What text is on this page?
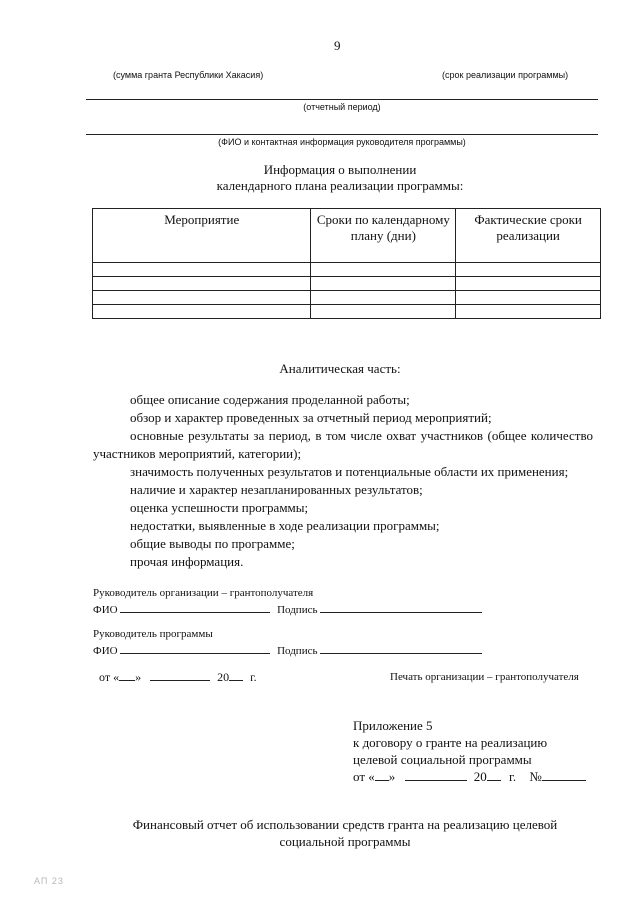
9
(сумма гранта Республики Хакасия)	(срок реализации программы)
(отчетный период)
(ФИО и контактная информация руководителя программы)
Информация о выполнении
календарного плана реализации программы:
Мероприятие	Сроки по календарному плану (дни)	Фактические сроки реализации

Аналитическая часть:
общее описание содержания проделанной работы;
обзор и характер проведенных за отчетный период мероприятий;
основные результаты за период, в том числе охват участников (общее количество участников мероприятий, категории);
значимость полученных результатов и потенциальные области их применения;
наличие и характер незапланированных результатов;
оценка успешности программы;
недостатки, выявленные в ходе реализации программы;
общие выводы по программе;
прочая информация.
Руководитель организации – грантополучателя
ФИО	Подпись
Руководитель программы
ФИО	Подпись
от « »	20 г.	Печать организации – грантополучателя
Приложение 5
к договору о гранте на реализацию
целевой социальной программы
от « »	20 г. №
Финансовый отчет об использовании средств гранта на реализацию целевой
социальной программы
АП 23
